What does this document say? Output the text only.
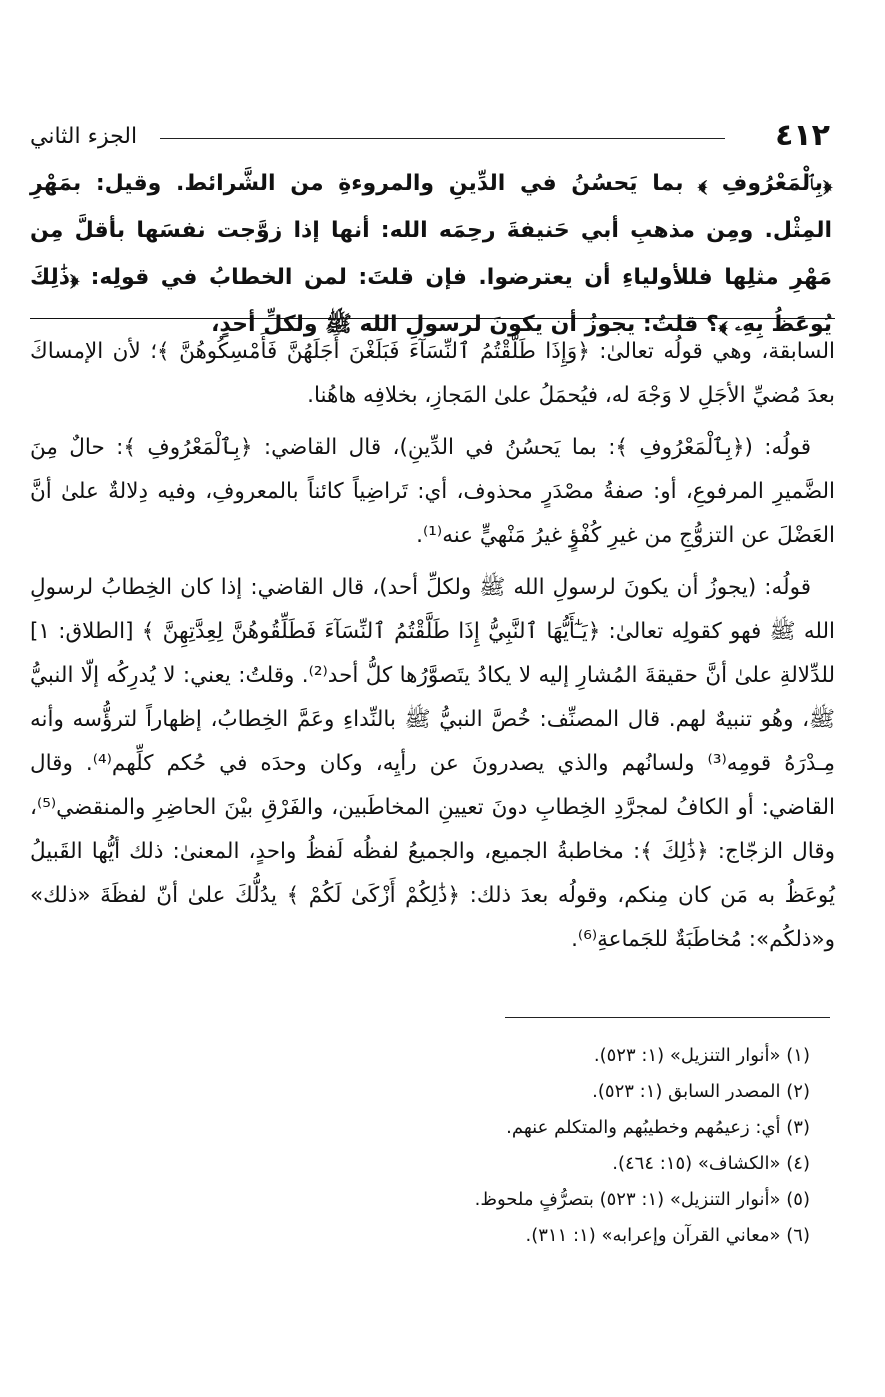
٤١٢
الجزء الثاني

﴿بِٱلْمَعْرُوفِ ﴾ بما يَحسُنُ في الدِّينِ والمروءةِ من الشَّرائط. وقيل: بمَهْرِ المِثْل. ومِن مذهبِ أبي حَنيفةَ رحِمَه الله: أنها إذا زوَّجت نفسَها بأقلَّ مِن مَهْرِ مثلِها فللأولياءِ أن يعترضوا. فإن قلتَ: لمن الخطابُ في قولِه: ﴿ذَٰلِكَ يُوعَظُ بِهِۦ ﴾؟ قلتُ: يجوزُ أن يكونَ لرسولِ الله ﷺ ولكلِّ أحدٍ،

السابقة، وهي قولُه تعالىٰ: ﴿وَإِذَا طَلَّقْتُمُ ٱلنِّسَآءَ فَبَلَغْنَ أَجَلَهُنَّ فَأَمْسِكُوهُنَّ ﴾؛ لأن الإمساكَ بعدَ مُضيِّ الأجَلِ لا وَجْهَ له، فيُحمَلُ علىٰ المَجازِ، بخلافِه هاهُنا.

قولُه: (﴿بِٱلْمَعْرُوفِ ﴾: بما يَحسُنُ في الدِّينِ)، قال القاضي: ﴿بِٱلْمَعْرُوفِ ﴾: حالٌ مِنَ الضَّميرِ المرفوعِ، أو: صفةُ مصْدَرٍ محذوف، أي: تَراضِياً كائناً بالمعروفِ، وفيه دِلالةٌ علىٰ أنَّ العَضْلَ عن التزوُّجِ من غيرِ كُفْؤٍ غيرُ مَنْهيٍّ عنه⁽¹⁾.

قولُه: (يجوزُ أن يكونَ لرسولِ الله ﷺ ولكلِّ أحد)، قال القاضي: إذا كان الخِطابُ لرسولِ الله ﷺ فهو كقولِه تعالىٰ: ﴿يَـٰٓأَيُّهَا ٱلنَّبِيُّ إِذَا طَلَّقْتُمُ ٱلنِّسَآءَ فَطَلِّقُوهُنَّ لِعِدَّتِهِنَّ ﴾ [الطلاق: ١] للدِّلالةِ علىٰ أنَّ حقيقةَ المُشارِ إليه لا يكادُ يتَصوَّرُها كلُّ أحد⁽²⁾. وقلتُ: يعني: لا يُدرِكُه إلّا النبيُّ ﷺ، وهُو تنبيهٌ لهم. قال المصنِّف: خُصَّ النبيُّ ﷺ بالنِّداءِ وعَمَّ الخِطابُ، إظهاراً لترؤُّسه وأنه مِـدْرَهُ قومِه⁽³⁾ ولسانُهم والذي يصدرونَ عن رأيِه، وكان وحدَه في حُكم كلِّهم⁽⁴⁾. وقال القاضي: أو الكافُ لمجرَّدِ الخِطابِ دونَ تعيينِ المخاطَبين، والفَرْقِ بيْنَ الحاضِرِ والمنقضي⁽⁵⁾، وقال الزجّاج: ﴿ذَٰلِكَ ﴾: مخاطبةُ الجميع، والجميعُ لفظُه لَفظُ واحدٍ، المعنىٰ: ذلك أيُّها القَبيلُ يُوعَظُ به مَن كان مِنكم، وقولُه بعدَ ذلك: ﴿ذَٰلِكُمْ أَزْكَىٰ لَكُمْ ﴾ يدُلُّكَ علىٰ أنّ لفظَةَ «ذلك» و«ذلكُم»: مُخاطَبَةٌ للجَماعةِ⁽⁶⁾.

(١) «أنوار التنزيل» (١: ٥٢٣).
(٢) المصدر السابق (١: ٥٢٣).
(٣) أي: زعيمُهم وخطيبُهم والمتكلم عنهم.
(٤) «الكشاف» (١٥: ٤٦٤).
(٥) «أنوار التنزيل» (١: ٥٢٣) بتصرُّفٍ ملحوظ.
(٦) «معاني القرآن وإعرابه» (١: ٣١١).
